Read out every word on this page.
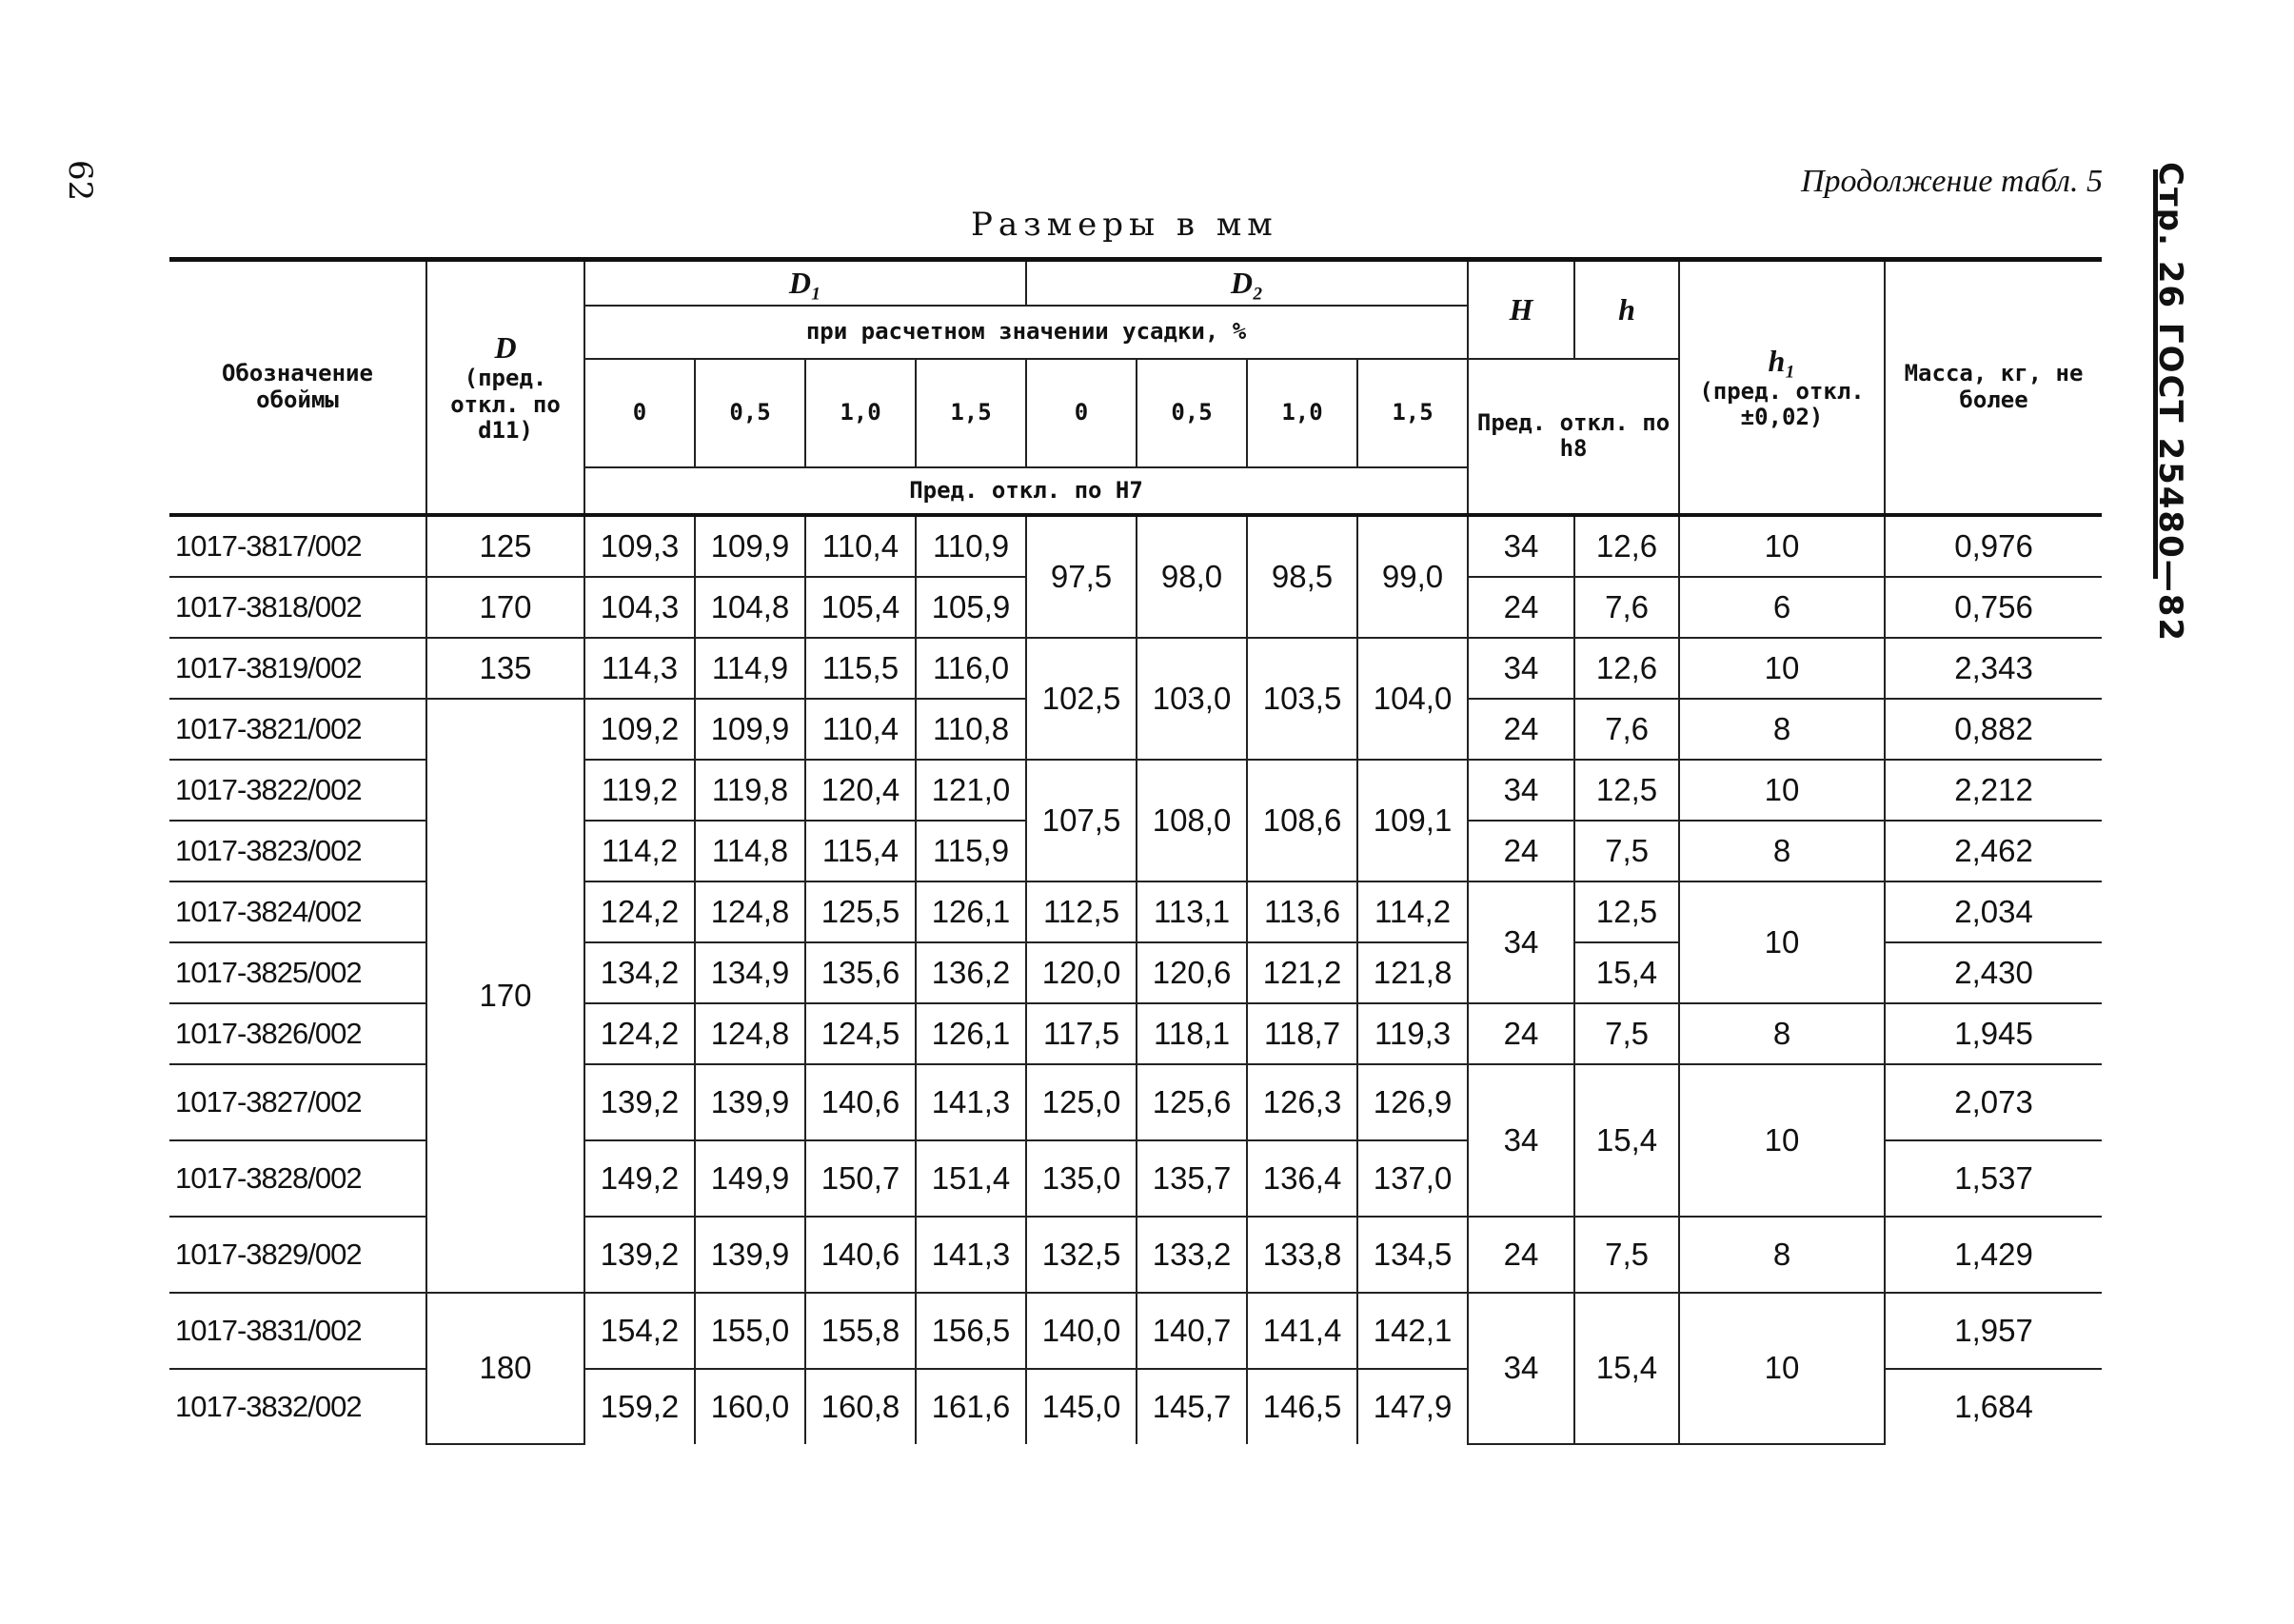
62	Стр. 26 ГОСТ 25480—82
Продолжение табл. 5
Размеры в мм
Обозначение обоймы	D
(пред. откл. по d11)	D₁				D₂				H	h	h₁
(пред. откл. ±0,02)	Масса, кг, не более
		при расчетном значении усадки, %											
		0	0,5	1,0	1,5	0	0,5	1,0	1,5	Пред. откл. по h8			
		Пред. откл. по H7											
1017-3817/002	125	109,3	109,9	110,4	110,9	97,5	98,0	98,5	99,0	34	12,6	10	0,976
1017-3818/002	170	104,3	104,8	105,4	105,9					24	7,6	6	0,756
1017-3819/002	135	114,3	114,9	115,5	116,0	102,5	103,0	103,5	104,0	34	12,6	10	2,343
1017-3821/002	170	109,2	109,9	110,4	110,8					24	7,6	8	0,882
1017-3822/002		119,2	119,8	120,4	121,0	107,5	108,0	108,6	109,1	34	12,5	10	2,212
1017-3823/002		114,2	114,8	115,4	115,9					24	7,5	8	2,462
1017-3824/002		124,2	124,8	125,5	126,1	112,5	113,1	113,6	114,2	34	12,5	10	2,034
1017-3825/002		134,2	134,9	135,6	136,2	120,0	120,6	121,2	121,8		15,4		2,430
1017-3826/002		124,2	124,8	124,5	126,1	117,5	118,1	118,7	119,3	24	7,5	8	1,945
1017-3827/002		139,2	139,9	140,6	141,3	125,0	125,6	126,3	126,9	34	15,4	10	2,073
1017-3828/002		149,2	149,9	150,7	151,4	135,0	135,7	136,4	137,0				1,537
1017-3829/002		139,2	139,9	140,6	141,3	132,5	133,2	133,8	134,5	24	7,5	8	1,429
1017-3831/002	180	154,2	155,0	155,8	156,5	140,0	140,7	141,4	142,1	34	15,4	10	1,957
1017-3832/002		159,2	160,0	160,8	161,6	145,0	145,7	146,5	147,9				1,684
